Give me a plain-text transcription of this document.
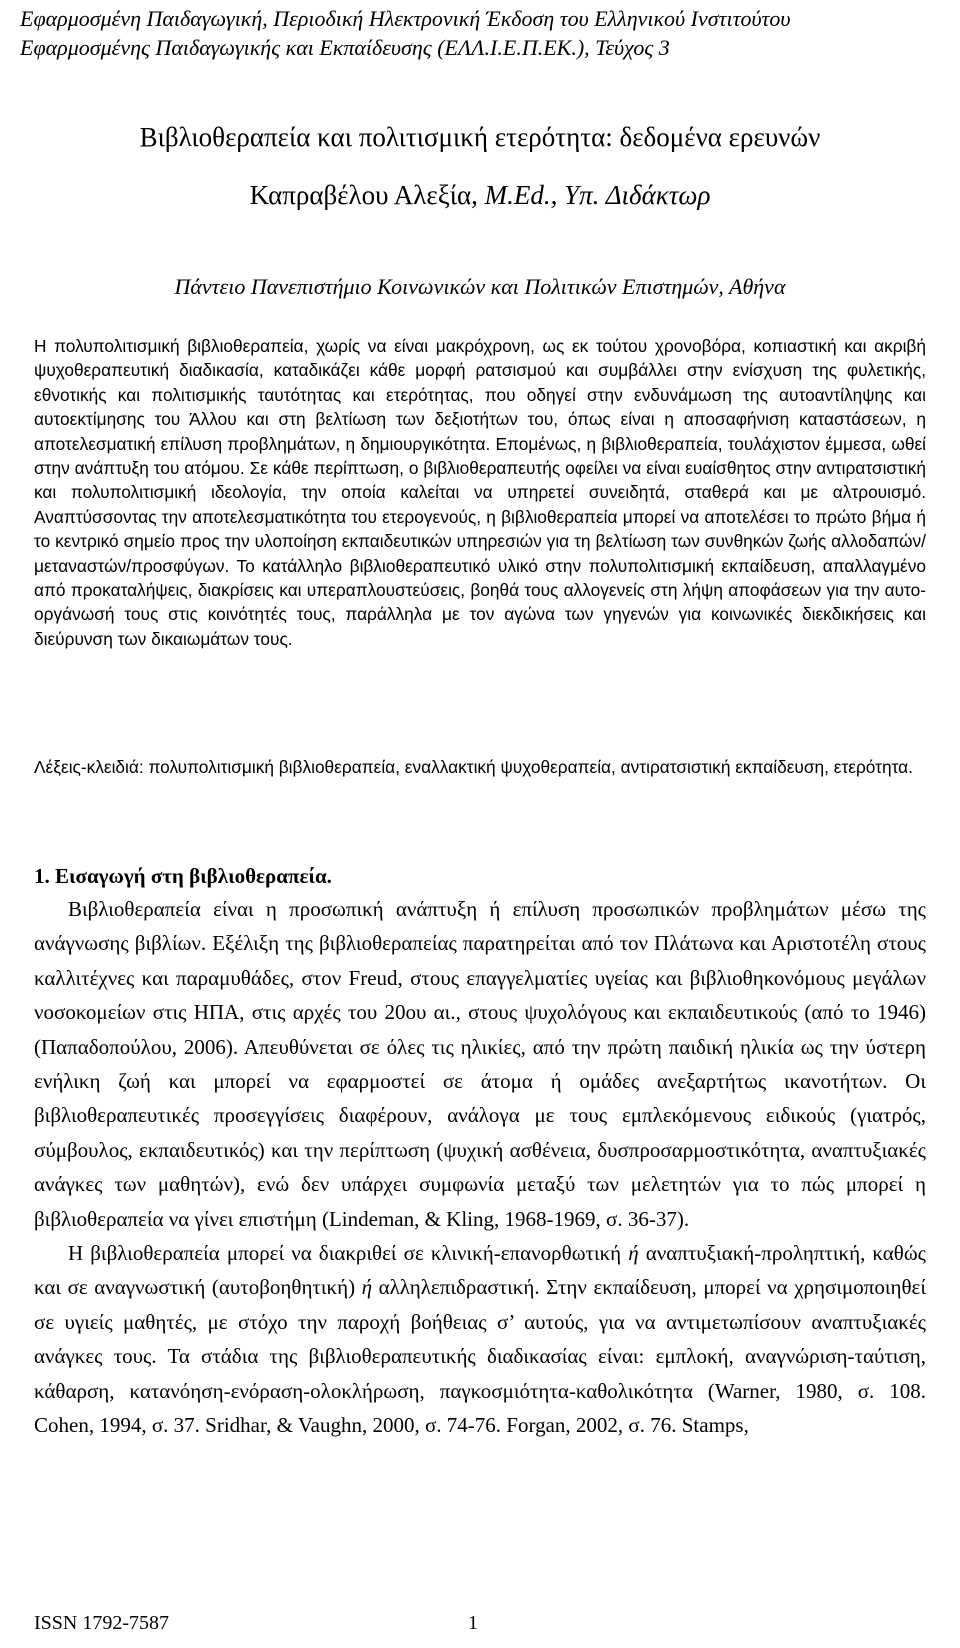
Εφαρμοσμένη Παιδαγωγική, Περιοδική Ηλεκτρονική Έκδοση του Ελληνικού Ινστιτούτου
Εφαρμοσμένης Παιδαγωγικής και Εκπαίδευσης (ΕΛΛ.Ι.Ε.Π.ΕΚ.), Τεύχος 3
Βιβλιοθεραπεία και πολιτισμική ετερότητα: δεδομένα ερευνών
Καπραβέλου Αλεξία, M.Ed., Υπ. Διδάκτωρ
Πάντειο Πανεπιστήμιο Κοινωνικών και Πολιτικών Επιστημών, Αθήνα
Η πολυπολιτισμική βιβλιοθεραπεία, χωρίς να είναι μακρόχρονη, ως εκ τούτου χρονοβόρα, κοπιαστική και ακριβή ψυχοθεραπευτική διαδικασία, καταδικάζει κάθε μορφή ρατσισμού και συμβάλλει στην ενίσχυση της φυλετικής, εθνοτικής και πολιτισμικής ταυτότητας και ετερότητας, που οδηγεί στην ενδυνάμωση της αυτοαντίληψης και αυτοεκτίμησης του Άλλου και στη βελτίωση των δεξιοτήτων του, όπως είναι η αποσαφήνιση καταστάσεων, η αποτελεσματική επίλυση προβλημάτων, η δημιουργικότητα. Επομένως, η βιβλιοθεραπεία, τουλάχιστον έμμεσα, ωθεί στην ανάπτυξη του ατόμου. Σε κάθε περίπτωση, ο βιβλιοθεραπευτής οφείλει να είναι ευαίσθητος στην αντιρατσιστική και πολυπολιτισμική ιδεολογία, την οποία καλείται να υπηρετεί συνειδητά, σταθερά και με αλτρουισμό. Αναπτύσσοντας την αποτελεσματικότητα του ετερογενούς, η βιβλιοθεραπεία μπορεί να αποτελέσει το πρώτο βήμα ή το κεντρικό σημείο προς την υλοποίηση εκπαιδευτικών υπηρεσιών για τη βελτίωση των συνθηκών ζωής αλλοδαπών/μεταναστών/προσφύγων. Το κατάλληλο βιβλιοθεραπευτικό υλικό στην πολυπολιτισμική εκπαίδευση, απαλλαγμένο από προκαταλήψεις, διακρίσεις και υπεραπλουστεύσεις, βοηθά τους αλλογενείς στη λήψη αποφάσεων για την αυτο-οργάνωσή τους στις κοινότητές τους, παράλληλα με τον αγώνα των γηγενών για κοινωνικές διεκδικήσεις και διεύρυνση των δικαιωμάτων τους.
Λέξεις-κλειδιά: πολυπολιτισμική βιβλιοθεραπεία, εναλλακτική ψυχοθεραπεία, αντιρατσιστική εκπαίδευση, ετερότητα.
1. Εισαγωγή στη βιβλιοθεραπεία.

Βιβλιοθεραπεία είναι η προσωπική ανάπτυξη ή επίλυση προσωπικών προβλημάτων μέσω της ανάγνωσης βιβλίων. Εξέλιξη της βιβλιοθεραπείας παρατηρείται από τον Πλάτωνα και Αριστοτέλη στους καλλιτέχνες και παραμυθάδες, στον Freud, στους επαγγελματίες υγείας και βιβλιοθηκονόμους μεγάλων νοσοκομείων στις ΗΠΑ, στις αρχές του 20ου αι., στους ψυχολόγους και εκπαιδευτικούς (από το 1946) (Παπαδοπούλου, 2006). Απευθύνεται σε όλες τις ηλικίες, από την πρώτη παιδική ηλικία ως την ύστερη ενήλικη ζωή και μπορεί να εφαρμοστεί σε άτομα ή ομάδες ανεξαρτήτως ικανοτήτων. Οι βιβλιοθεραπευτικές προσεγγίσεις διαφέρουν, ανάλογα με τους εμπλεκόμενους ειδικούς (γιατρός, σύμβουλος, εκπαιδευτικός) και την περίπτωση (ψυχική ασθένεια, δυσπροσαρμοστικότητα, αναπτυξιακές ανάγκες των μαθητών), ενώ δεν υπάρχει συμφωνία μεταξύ των μελετητών για το πώς μπορεί η βιβλιοθεραπεία να γίνει επιστήμη (Lindeman, & Kling, 1968-1969, σ. 36-37).

Η βιβλιοθεραπεία μπορεί να διακριθεί σε κλινική-επανορθωτική ή αναπτυξιακή-προληπτική, καθώς και σε αναγνωστική (αυτοβοηθητική) ή αλληλεπιδραστική. Στην εκπαίδευση, μπορεί να χρησιμοποιηθεί σε υγιείς μαθητές, με στόχο την παροχή βοήθειας σ’ αυτούς, για να αντιμετωπίσουν αναπτυξιακές ανάγκες τους. Τα στάδια της βιβλιοθεραπευτικής διαδικασίας είναι: εμπλοκή, αναγνώριση-ταύτιση, κάθαρση, κατανόηση-ενόραση-ολοκλήρωση, παγκοσμιότητα-καθολικότητα (Warner, 1980, σ. 108. Cohen, 1994, σ. 37. Sridhar, & Vaughn, 2000, σ. 74-76. Forgan, 2002, σ. 76. Stamps,

ISSN 1792-7587	1
